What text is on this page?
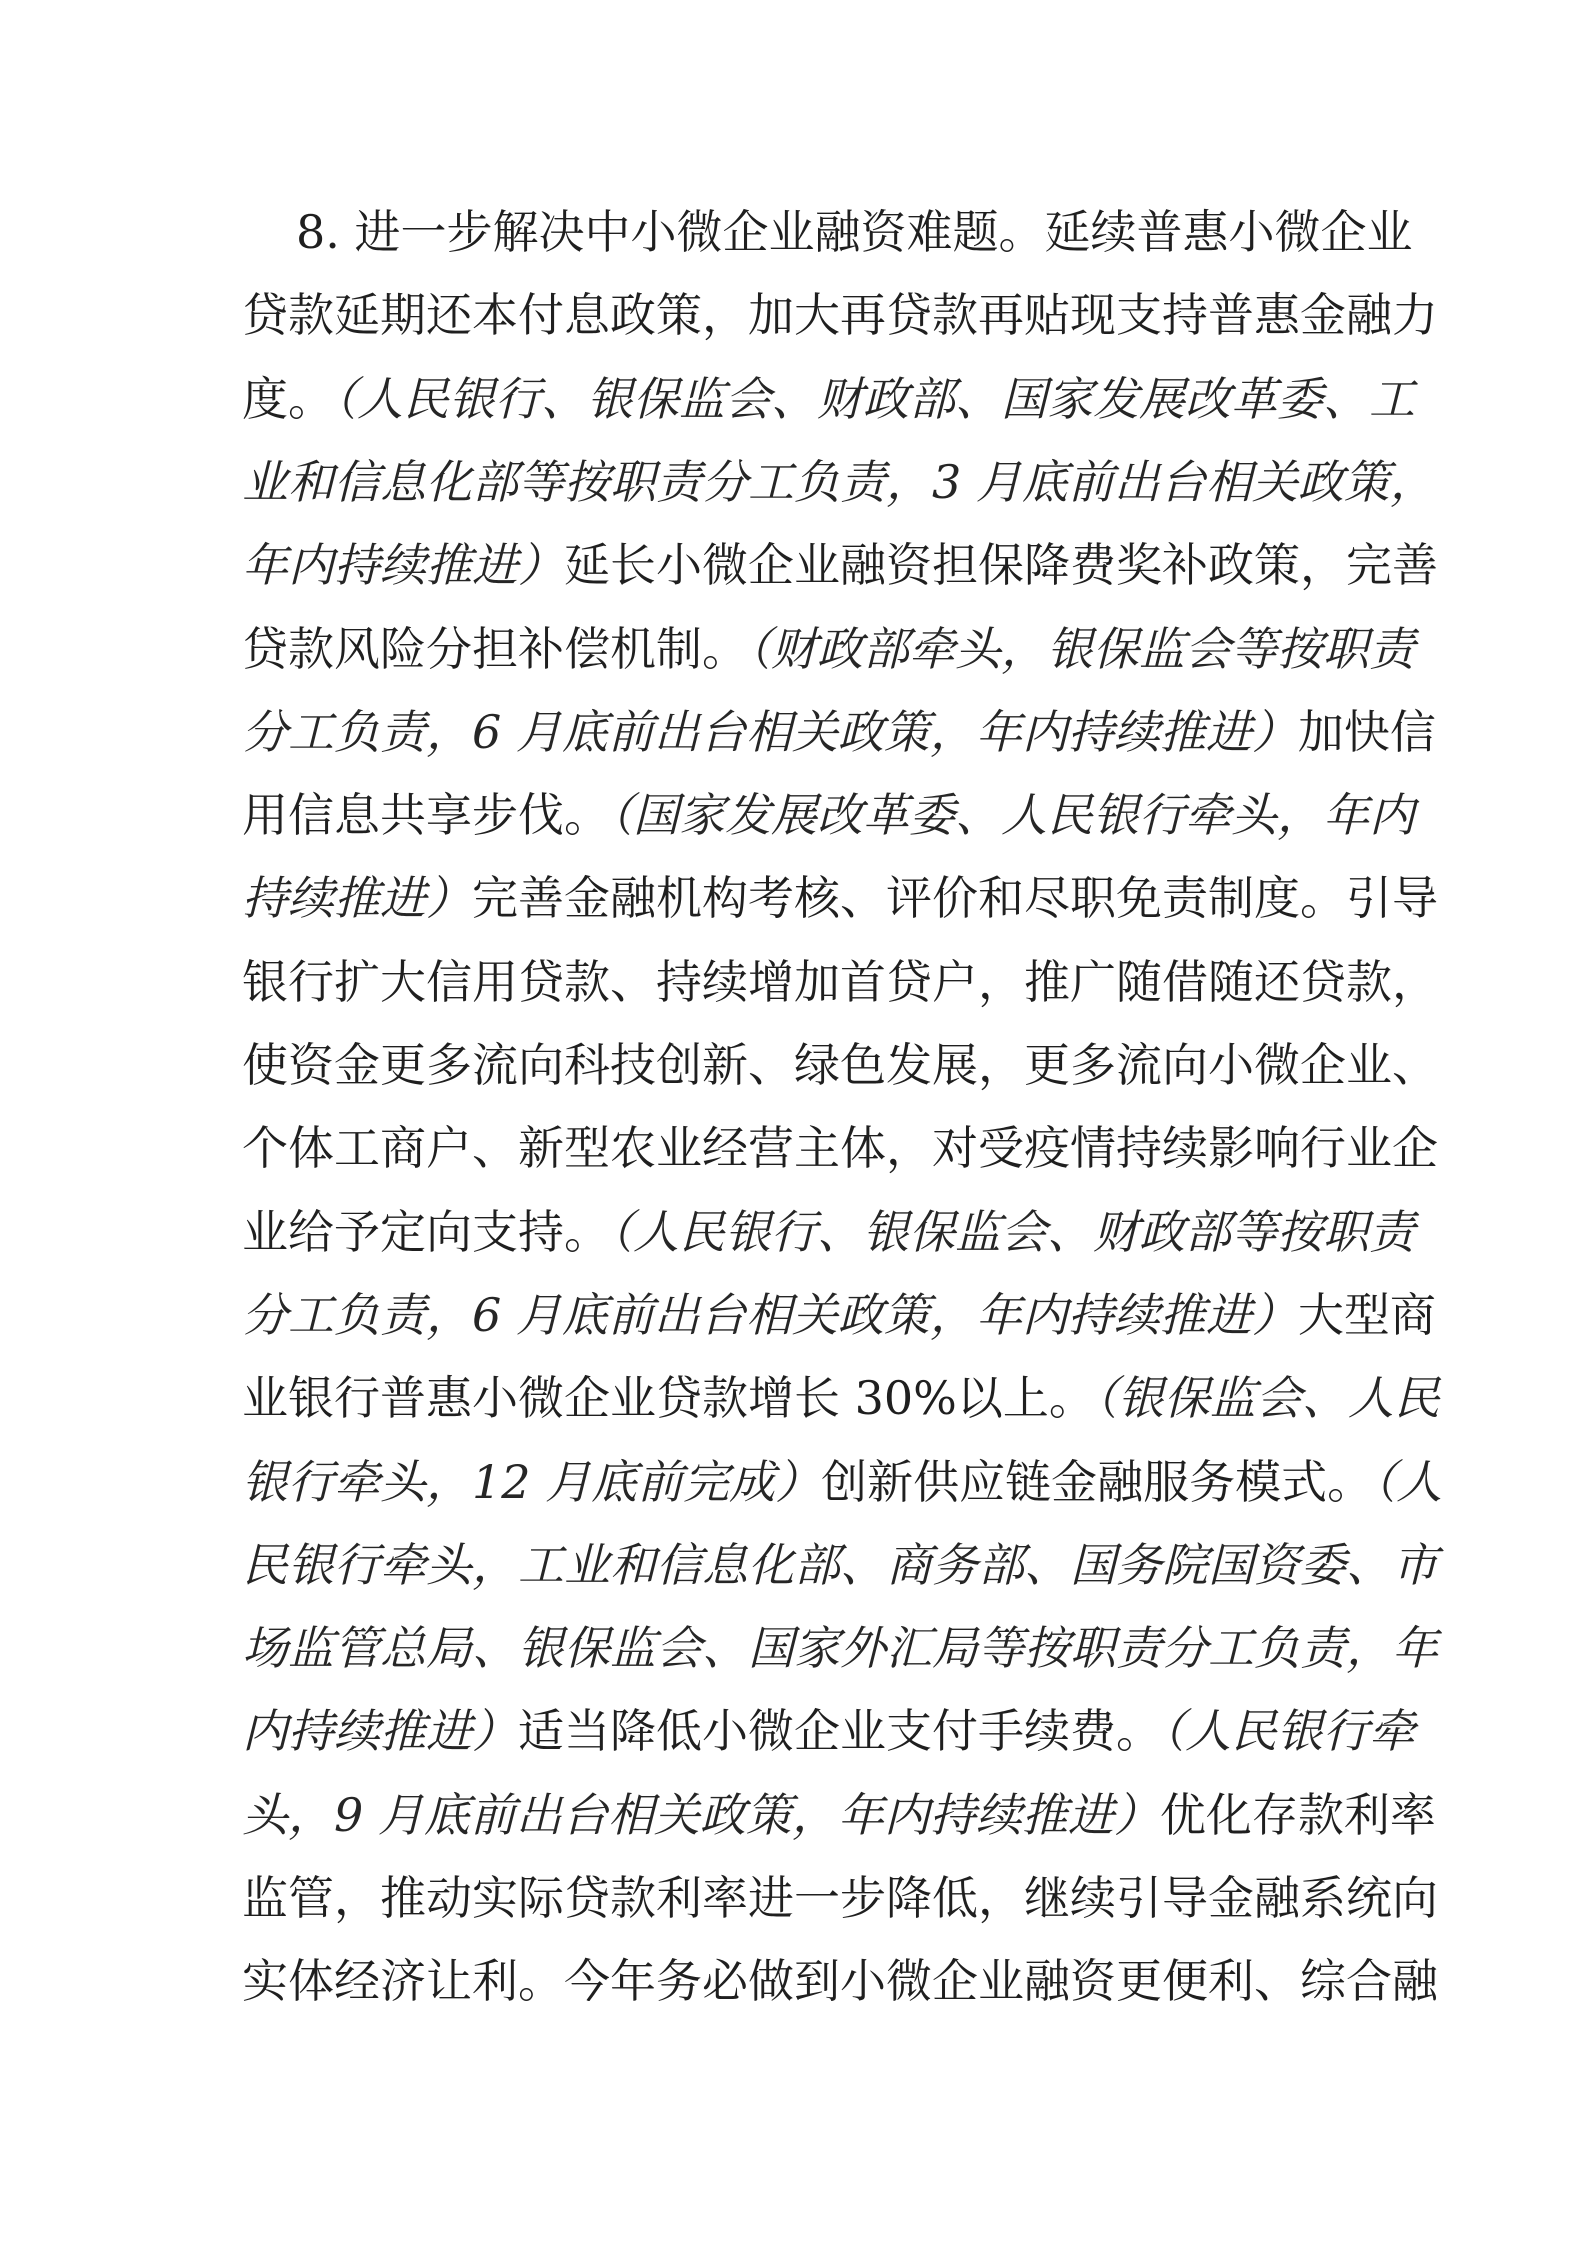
8. 进一步解决中小微企业融资难题。延续普惠小微企业
贷款延期还本付息政策，加大再贷款再贴现支持普惠金融力
度。（人民银行、银保监会、财政部、国家发展改革委、工
业和信息化部等按职责分工负责，3 月底前出台相关政策，
年内持续推进）延长小微企业融资担保降费奖补政策，完善
贷款风险分担补偿机制。（财政部牵头，银保监会等按职责
分工负责，6 月底前出台相关政策，年内持续推进）加快信
用信息共享步伐。（国家发展改革委、人民银行牵头，年内
持续推进）完善金融机构考核、评价和尽职免责制度。引导
银行扩大信用贷款、持续增加首贷户，推广随借随还贷款，
使资金更多流向科技创新、绿色发展，更多流向小微企业、
个体工商户、新型农业经营主体，对受疫情持续影响行业企
业给予定向支持。（人民银行、银保监会、财政部等按职责
分工负责，6 月底前出台相关政策，年内持续推进）大型商
业银行普惠小微企业贷款增长 30%以上。（银保监会、人民
银行牵头，12 月底前完成）创新供应链金融服务模式。（人
民银行牵头，工业和信息化部、商务部、国务院国资委、市
场监管总局、银保监会、国家外汇局等按职责分工负责，年
内持续推进）适当降低小微企业支付手续费。（人民银行牵
头，9 月底前出台相关政策，年内持续推进）优化存款利率
监管，推动实际贷款利率进一步降低，继续引导金融系统向
实体经济让利。今年务必做到小微企业融资更便利、综合融
